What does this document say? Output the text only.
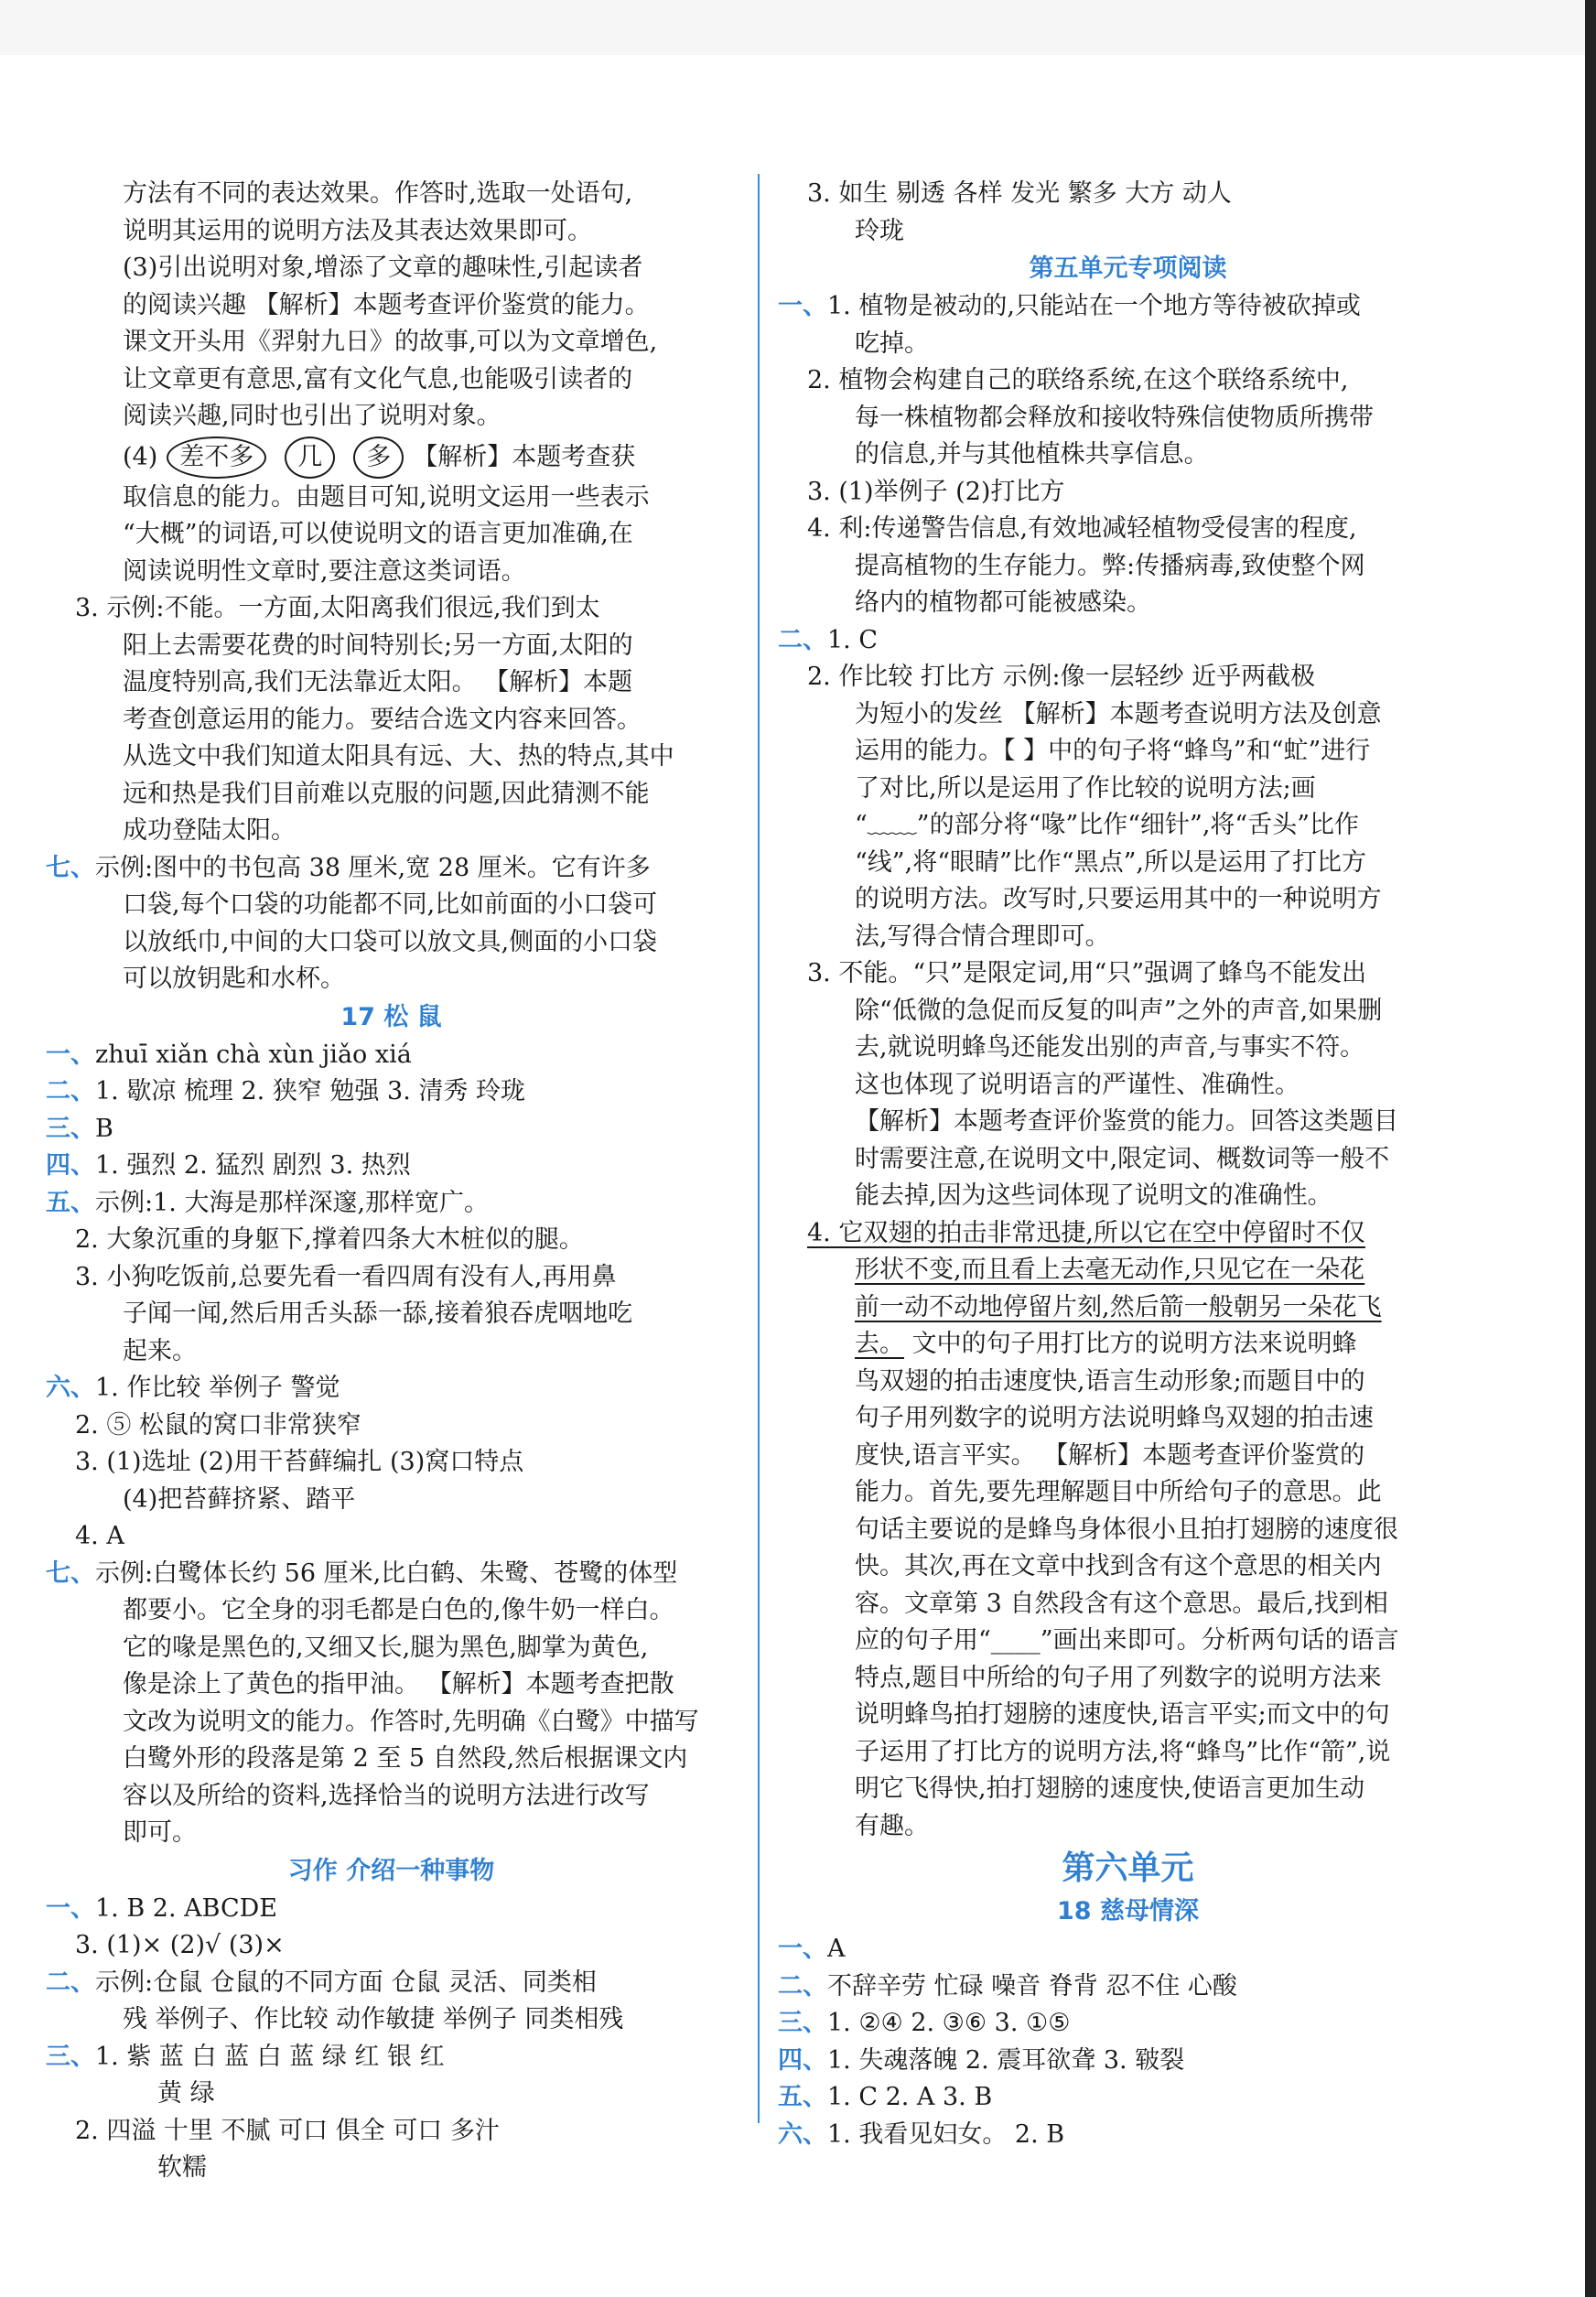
方法有不同的表达效果。作答时,选取一处语句,
说明其运用的说明方法及其表达效果即可。
(3)引出说明对象,增添了文章的趣味性,引起读者
的阅读兴趣 【解析】本题考查评价鉴赏的能力。
课文开头用《羿射九日》的故事,可以为文章增色,
让文章更有意思,富有文化气息,也能吸引读者的
阅读兴趣,同时也引出了说明对象。
(4) 差不多 几 多 【解析】本题考查获
取信息的能力。由题目可知,说明文运用一些表示
“大概”的词语,可以使说明文的语言更加准确,在
阅读说明性文章时,要注意这类词语。
3. 示例:不能。一方面,太阳离我们很远,我们到太
阳上去需要花费的时间特别长;另一方面,太阳的
温度特别高,我们无法靠近太阳。 【解析】本题
考查创意运用的能力。要结合选文内容来回答。
从选文中我们知道太阳具有远、大、热的特点,其中
远和热是我们目前难以克服的问题,因此猜测不能
成功登陆太阳。
七、示例:图中的书包高 38 厘米,宽 28 厘米。它有许多
口袋,每个口袋的功能都不同,比如前面的小口袋可
以放纸巾,中间的大口袋可以放文具,侧面的小口袋
可以放钥匙和水杯。
17 松 鼠
一、zhuī xiǎn chà xùn jiǎo xiá
二、1. 歇凉 梳理 2. 狭窄 勉强 3. 清秀 玲珑
三、B
四、1. 强烈 2. 猛烈 剧烈 3. 热烈
五、示例:1. 大海是那样深邃,那样宽广。
2. 大象沉重的身躯下,撑着四条大木桩似的腿。
3. 小狗吃饭前,总要先看一看四周有没有人,再用鼻
子闻一闻,然后用舌头舔一舔,接着狼吞虎咽地吃
起来。
六、1. 作比较 举例子 警觉
2. ⑤ 松鼠的窝口非常狭窄
3. (1)选址 (2)用干苔藓编扎 (3)窝口特点
(4)把苔藓挤紧、踏平
4. A
七、示例:白鹭体长约 56 厘米,比白鹤、朱鹭、苍鹭的体型
都要小。它全身的羽毛都是白色的,像牛奶一样白。
它的喙是黑色的,又细又长,腿为黑色,脚掌为黄色,
像是涂上了黄色的指甲油。 【解析】本题考查把散
文改为说明文的能力。作答时,先明确《白鹭》中描写
白鹭外形的段落是第 2 至 5 自然段,然后根据课文内
容以及所给的资料,选择恰当的说明方法进行改写
即可。
习作 介绍一种事物
一、1. B 2. ABCDE
3. (1)× (2)√ (3)×
二、示例:仓鼠 仓鼠的不同方面 仓鼠 灵活、同类相
残 举例子、作比较 动作敏捷 举例子 同类相残
三、1. 紫 蓝 白 蓝 白 蓝 绿 红 银 红
黄 绿
2. 四溢 十里 不腻 可口 俱全 可口 多汁
软糯
3. 如生 剔透 各样 发光 繁多 大方 动人
玲珑
第五单元专项阅读
一、1. 植物是被动的,只能站在一个地方等待被砍掉或
吃掉。
2. 植物会构建自己的联络系统,在这个联络系统中,
每一株植物都会释放和接收特殊信使物质所携带
的信息,并与其他植株共享信息。
3. (1)举例子 (2)打比方
4. 利:传递警告信息,有效地减轻植物受侵害的程度,
提高植物的生存能力。弊:传播病毒,致使整个网
络内的植物都可能被感染。
二、1. C
2. 作比较 打比方 示例:像一层轻纱 近乎两截极
为短小的发丝 【解析】本题考查说明方法及创意
运用的能力。【 】中的句子将“蜂鸟”和“虻”进行
了对比,所以是运用了作比较的说明方法;画
“﹏﹏”的部分将“喙”比作“细针”,将“舌头”比作
“线”,将“眼睛”比作“黑点”,所以是运用了打比方
的说明方法。改写时,只要运用其中的一种说明方
法,写得合情合理即可。
3. 不能。“只”是限定词,用“只”强调了蜂鸟不能发出
除“低微的急促而反复的叫声”之外的声音,如果删
去,就说明蜂鸟还能发出别的声音,与事实不符。
这也体现了说明语言的严谨性、准确性。
【解析】本题考查评价鉴赏的能力。回答这类题目
时需要注意,在说明文中,限定词、概数词等一般不
能去掉,因为这些词体现了说明文的准确性。
4. 它双翅的拍击非常迅捷,所以它在空中停留时不仅
形状不变,而且看上去毫无动作,只见它在一朵花
前一动不动地停留片刻,然后箭一般朝另一朵花飞
去。 文中的句子用打比方的说明方法来说明蜂
鸟双翅的拍击速度快,语言生动形象;而题目中的
句子用列数字的说明方法说明蜂鸟双翅的拍击速
度快,语言平实。 【解析】本题考查评价鉴赏的
能力。首先,要先理解题目中所给句子的意思。此
句话主要说的是蜂鸟身体很小且拍打翅膀的速度很
快。其次,再在文章中找到含有这个意思的相关内
容。文章第 3 自然段含有这个意思。最后,找到相
应的句子用“____”画出来即可。分析两句话的语言
特点,题目中所给的句子用了列数字的说明方法来
说明蜂鸟拍打翅膀的速度快,语言平实;而文中的句
子运用了打比方的说明方法,将“蜂鸟”比作“箭”,说
明它飞得快,拍打翅膀的速度快,使语言更加生动
有趣。
第六单元
18 慈母情深
一、A
二、不辞辛劳 忙碌 噪音 脊背 忍不住 心酸
三、1. ②④ 2. ③⑥ 3. ①⑤
四、1. 失魂落魄 2. 震耳欲聋 3. 皲裂
五、1. C 2. A 3. B
六、1. 我看见妇女。 2. B
